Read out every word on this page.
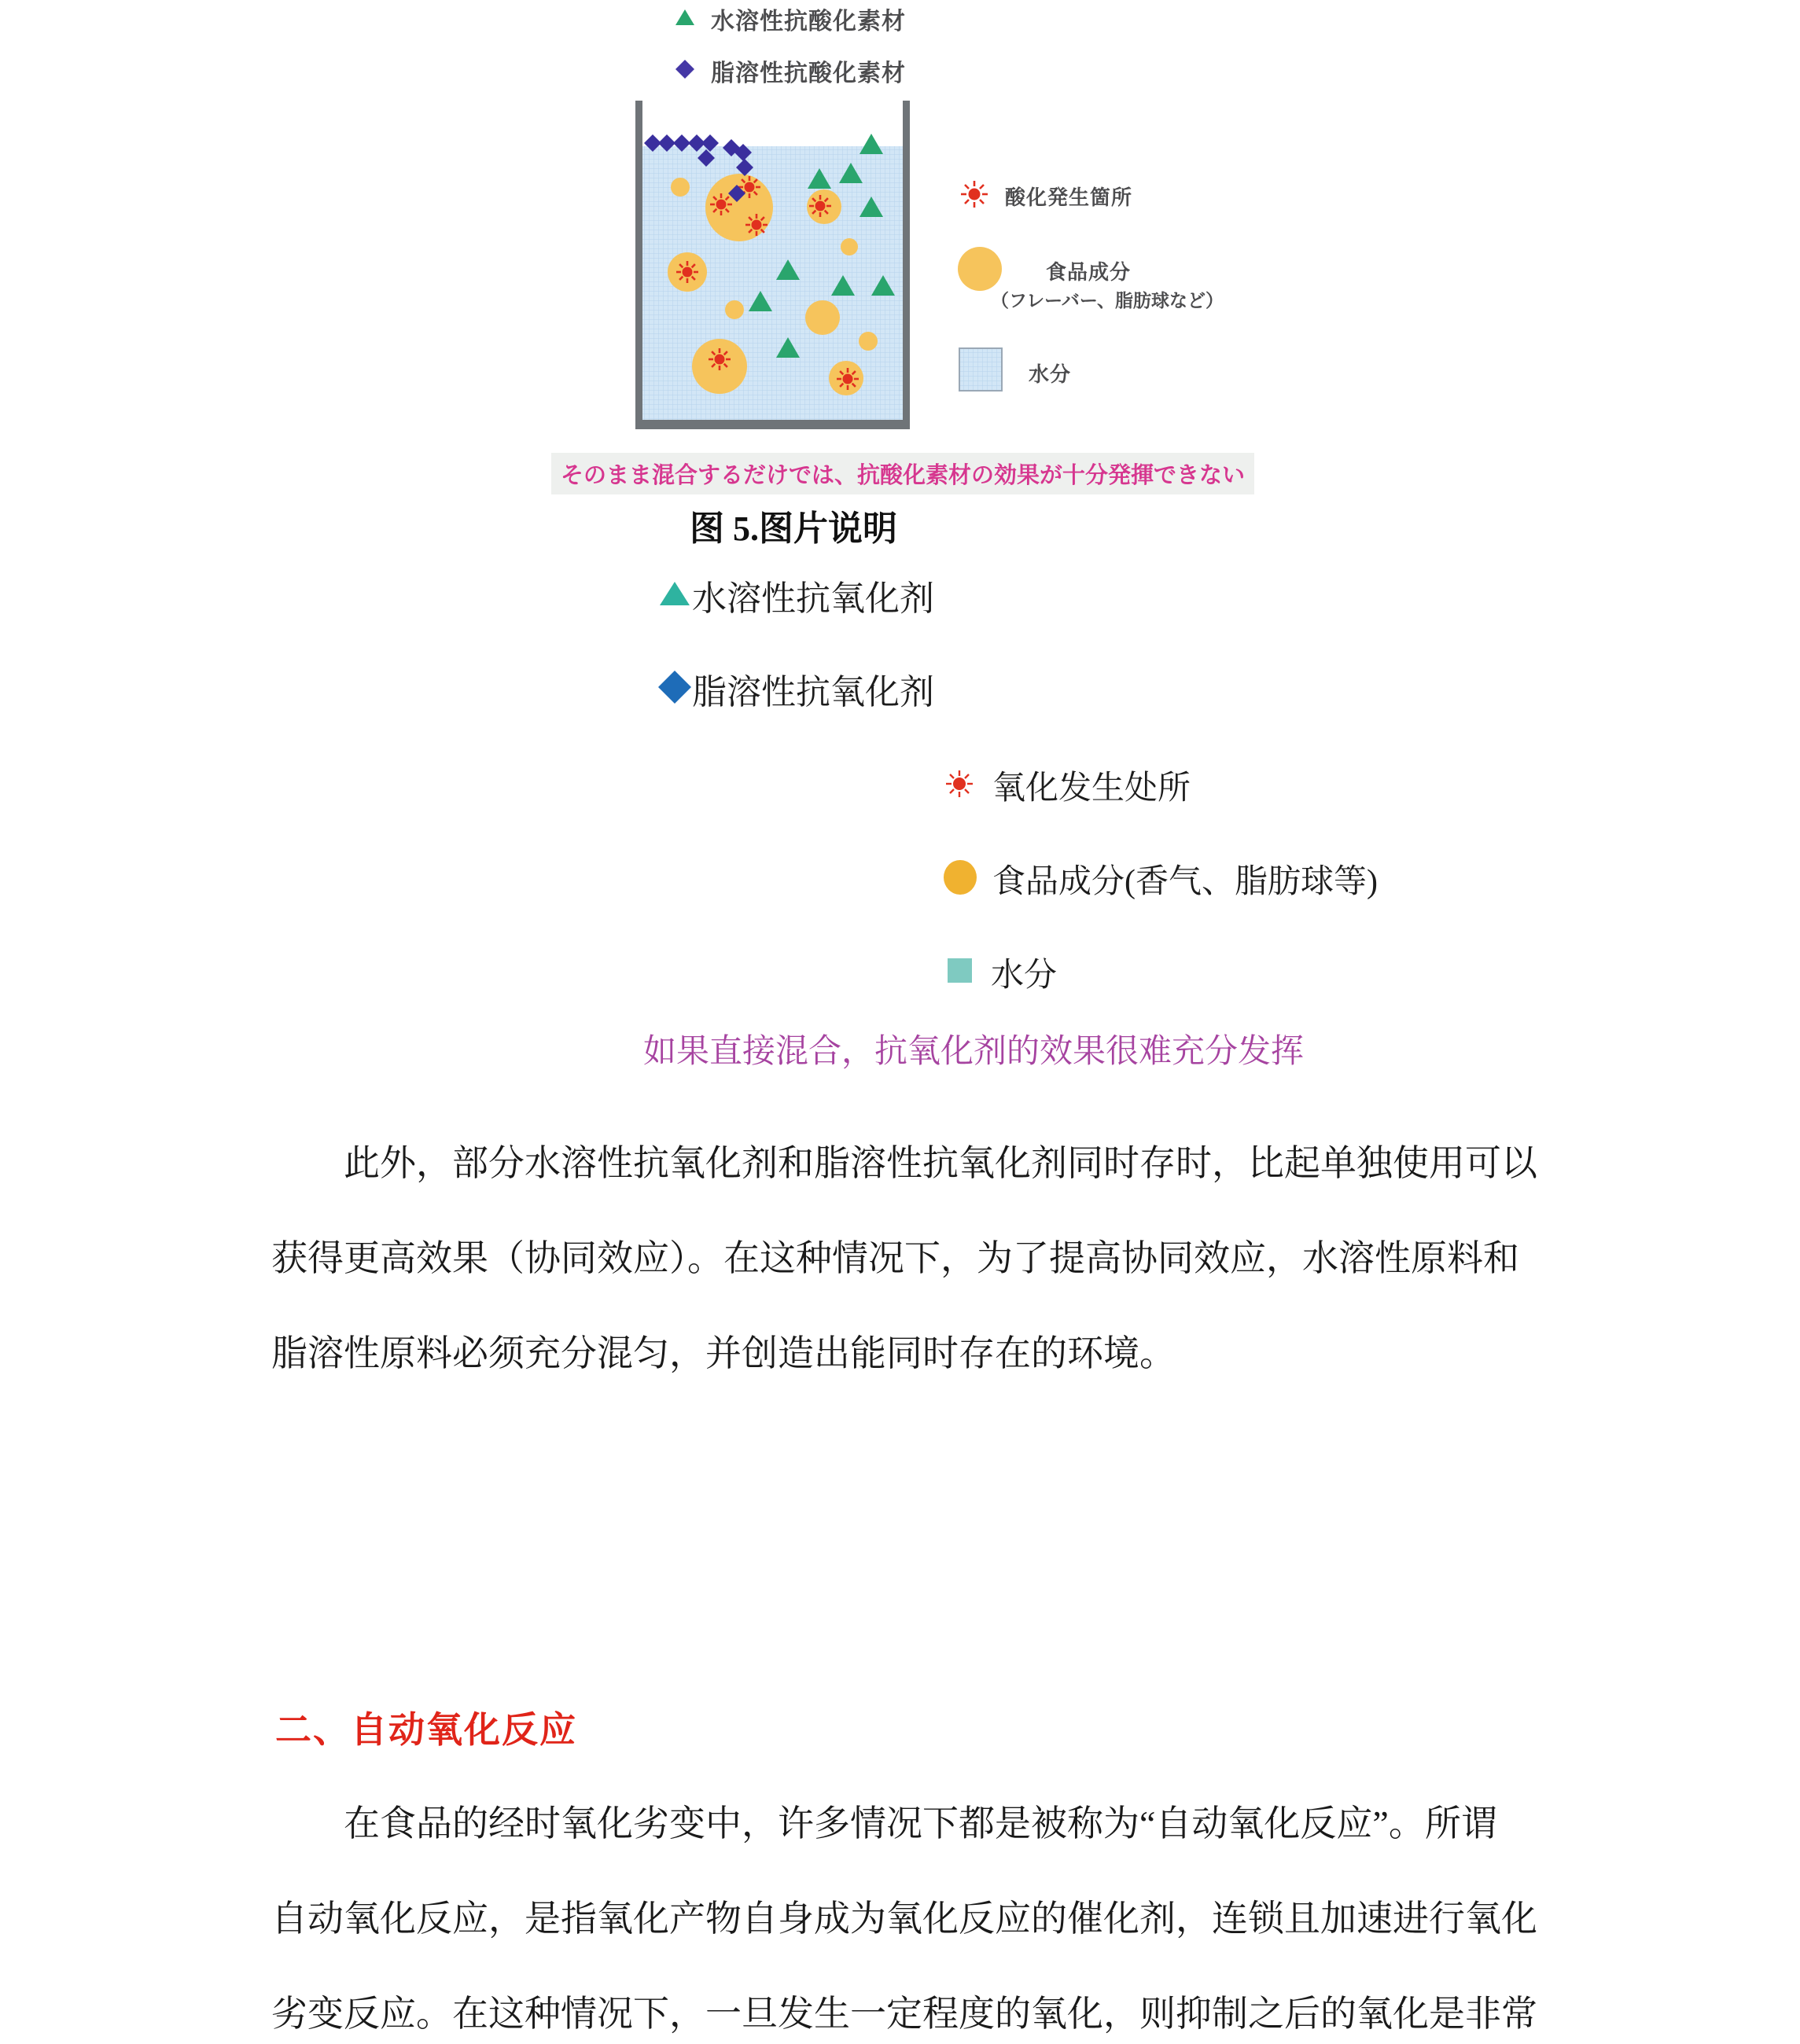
水溶性抗酸化素材
脂溶性抗酸化素材
酸化発生箇所
食品成分
（フレーバー、脂肪球など）
水分
そのまま混合するだけでは、抗酸化素材の効果が十分発揮できない
图 5.图片说明
水溶性抗氧化剂
脂溶性抗氧化剂
氧化发生处所
食品成分(香气、脂肪球等)
水分
如果直接混合，抗氧化剂的效果很难充分发挥
此外，部分水溶性抗氧化剂和脂溶性抗氧化剂同时存时，比起单独使用可以
获得更高效果（协同效应）。在这种情况下，为了提高协同效应，水溶性原料和
脂溶性原料必须充分混匀，并创造出能同时存在的环境。
二、自动氧化反应
在食品的经时氧化劣变中，许多情况下都是被称为“自动氧化反应”。所谓
自动氧化反应，是指氧化产物自身成为氧化反应的催化剂，连锁且加速进行氧化
劣变反应。在这种情况下，一旦发生一定程度的氧化，则抑制之后的氧化是非常
